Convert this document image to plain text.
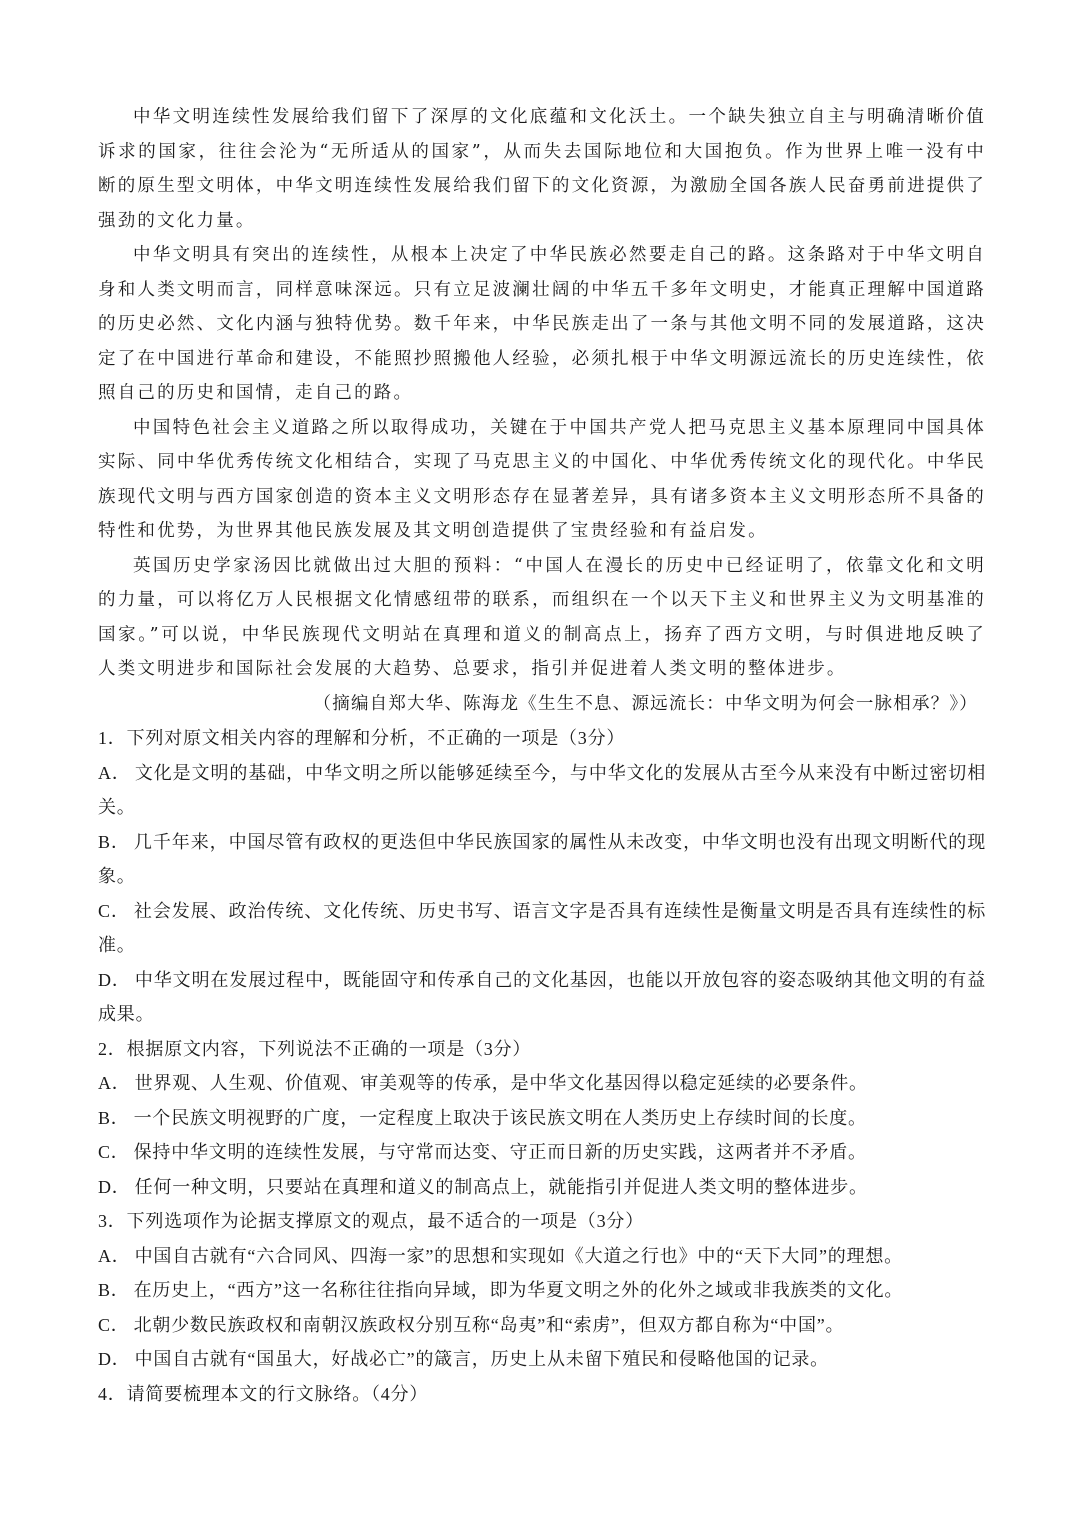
中华文明连续性发展给我们留下了深厚的文化底蕴和文化沃土。一个缺失独立自主与明确清晰价值诉求的国家，往往会沦为“无所适从的国家”，从而失去国际地位和大国抱负。作为世界上唯一没有中断的原生型文明体，中华文明连续性发展给我们留下的文化资源，为激励全国各族人民奋勇前进提供了强劲的文化力量。

中华文明具有突出的连续性，从根本上决定了中华民族必然要走自己的路。这条路对于中华文明自身和人类文明而言，同样意味深远。只有立足波澜壮阔的中华五千多年文明史，才能真正理解中国道路的历史必然、文化内涵与独特优势。数千年来，中华民族走出了一条与其他文明不同的发展道路，这决定了在中国进行革命和建设，不能照抄照搬他人经验，必须扎根于中华文明源远流长的历史连续性，依照自己的历史和国情，走自己的路。

中国特色社会主义道路之所以取得成功，关键在于中国共产党人把马克思主义基本原理同中国具体实际、同中华优秀传统文化相结合，实现了马克思主义的中国化、中华优秀传统文化的现代化。中华民族现代文明与西方国家创造的资本主义文明形态存在显著差异，具有诸多资本主义文明形态所不具备的特性和优势，为世界其他民族发展及其文明创造提供了宝贵经验和有益启发。

英国历史学家汤因比就做出过大胆的预料：“中国人在漫长的历史中已经证明了，依靠文化和文明的力量，可以将亿万人民根据文化情感纽带的联系，而组织在一个以天下主义和世界主义为文明基准的国家。”可以说，中华民族现代文明站在真理和道义的制高点上，扬弃了西方文明，与时俱进地反映了人类文明进步和国际社会发展的大趋势、总要求，指引并促进着人类文明的整体进步。

（摘编自郑大华、陈海龙《生生不息、源远流长：中华文明为何会一脉相承？》）

1．下列对原文相关内容的理解和分析，不正确的一项是（3分）

A． 文化是文明的基础，中华文明之所以能够延续至今，与中华文化的发展从古至今从来没有中断过密切相关。

B． 几千年来，中国尽管有政权的更迭但中华民族国家的属性从未改变，中华文明也没有出现文明断代的现象。

C． 社会发展、政治传统、文化传统、历史书写、语言文字是否具有连续性是衡量文明是否具有连续性的标准。

D． 中华文明在发展过程中，既能固守和传承自己的文化基因，也能以开放包容的姿态吸纳其他文明的有益成果。

2．根据原文内容，下列说法不正确的一项是（3分）

A． 世界观、人生观、价值观、审美观等的传承，是中华文化基因得以稳定延续的必要条件。

B． 一个民族文明视野的广度，一定程度上取决于该民族文明在人类历史上存续时间的长度。

C． 保持中华文明的连续性发展，与守常而达变、守正而日新的历史实践，这两者并不矛盾。

D． 任何一种文明，只要站在真理和道义的制高点上，就能指引并促进人类文明的整体进步。

3．下列选项作为论据支撑原文的观点，最不适合的一项是（3分）

A． 中国自古就有“六合同风、四海一家”的思想和实现如《大道之行也》中的“天下大同”的理想。

B． 在历史上，“西方”这一名称往往指向异域，即为华夏文明之外的化外之域或非我族类的文化。

C． 北朝少数民族政权和南朝汉族政权分别互称“岛夷”和“索虏”，但双方都自称为“中国”。

D． 中国自古就有“国虽大，好战必亡”的箴言，历史上从未留下殖民和侵略他国的记录。

4．请简要梳理本文的行文脉络。（4分）
